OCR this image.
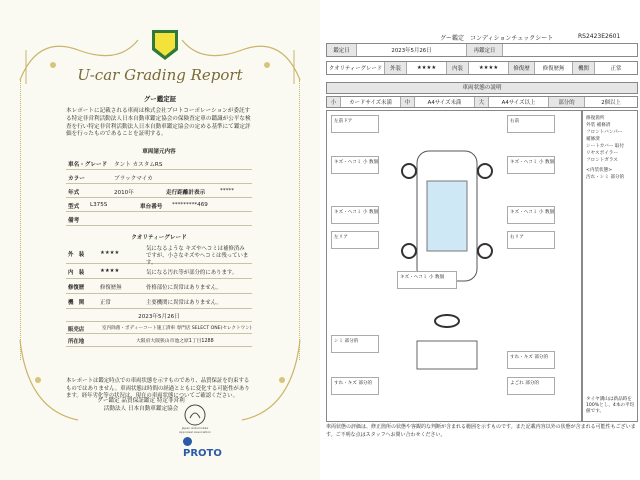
U-car Grading Report
グー鑑定証
本レポートに記載される車両は株式会社プロトコーポレーションが委託する特定非営利活動法人日本自動車鑑定協会の保険査定車の鑑識が公平な検査を行い特定非営利活動法人日本自動車鑑定協会の定める基準にて鑑定評価を行ったものであることを証明する。
車両諸元内容
車名・グレード タント カスタムRS
カラー	ブラックマイカ
年式	2010年	走行距離計表示	*****
型式 L375S	車台番号 *********469
備考
クオリティーグレード
外　装	★★★★
気になるような キズやヘコミは補修済みですが、小さなキズやヘコミは残っています。
内　装	★★★★	気になる汚れ等が部分的にあります。
修復歴	修復歴無	骨格部位に異常はありません。
機　関	正常	主要機関に異常はありません。
2023年5月26日
販売店	室内除菌・ボディーコート施工済車 専門店 SELECT ONE(セレクトワン)
所在地	大阪府大阪狭山市池之原1丁目1288
本レポートは鑑定時点での車両状態を示すものであり、品質保証を約束するものではありません。車両状態は時間の経過とともに変化する可能性があります。経年劣化等の状況は、現在の車両状態についてご確認ください。
グー鑑定 品質保証鑑定 特定非営利活動法人 日本自動車鑑定協会
Japan Automobile Appraisal Association
PROTO
グー鑑定　コンディションチェックシート	RS2423E2601
鑑定日	2023年5月26日	再鑑定日
クオリティーグレード	外装	★★★★	内装	★★★★	修復歴	修復歴無	機関	正常
車両状態の説明
小	カードサイズ未満	中	A4サイズ未満	大	A4サイズ以上	部分的	2個以上
左前ドア	右前
キズ・ヘコミ 小 数個	キズ・ヘコミ 小 数個
キズ・ヘコミ 小 数個	キズ・ヘコミ 小 数個
左リア	右リア
キズ・ヘコミ 小 数個
シミ 部分的
すれ・キズ 部分的
すれ・キズ 部分的
よごれ 部分的
修復箇所
外装 補修済
フロントバンパー
補修済
シートカバー 取付
リヤスポイラー
フロントガラス
<内装状態>
汚れ・シミ 部分的
タイヤ溝山は新品時を100%とし、4本の平均値です。
車両状態の評価は、修正箇所の状態や客観的な判断が含まれる範囲を示すものです。また記載内容以外の状態が含まれる可能性もございます。ご不明な点はスタッフへお問い合わせください。
